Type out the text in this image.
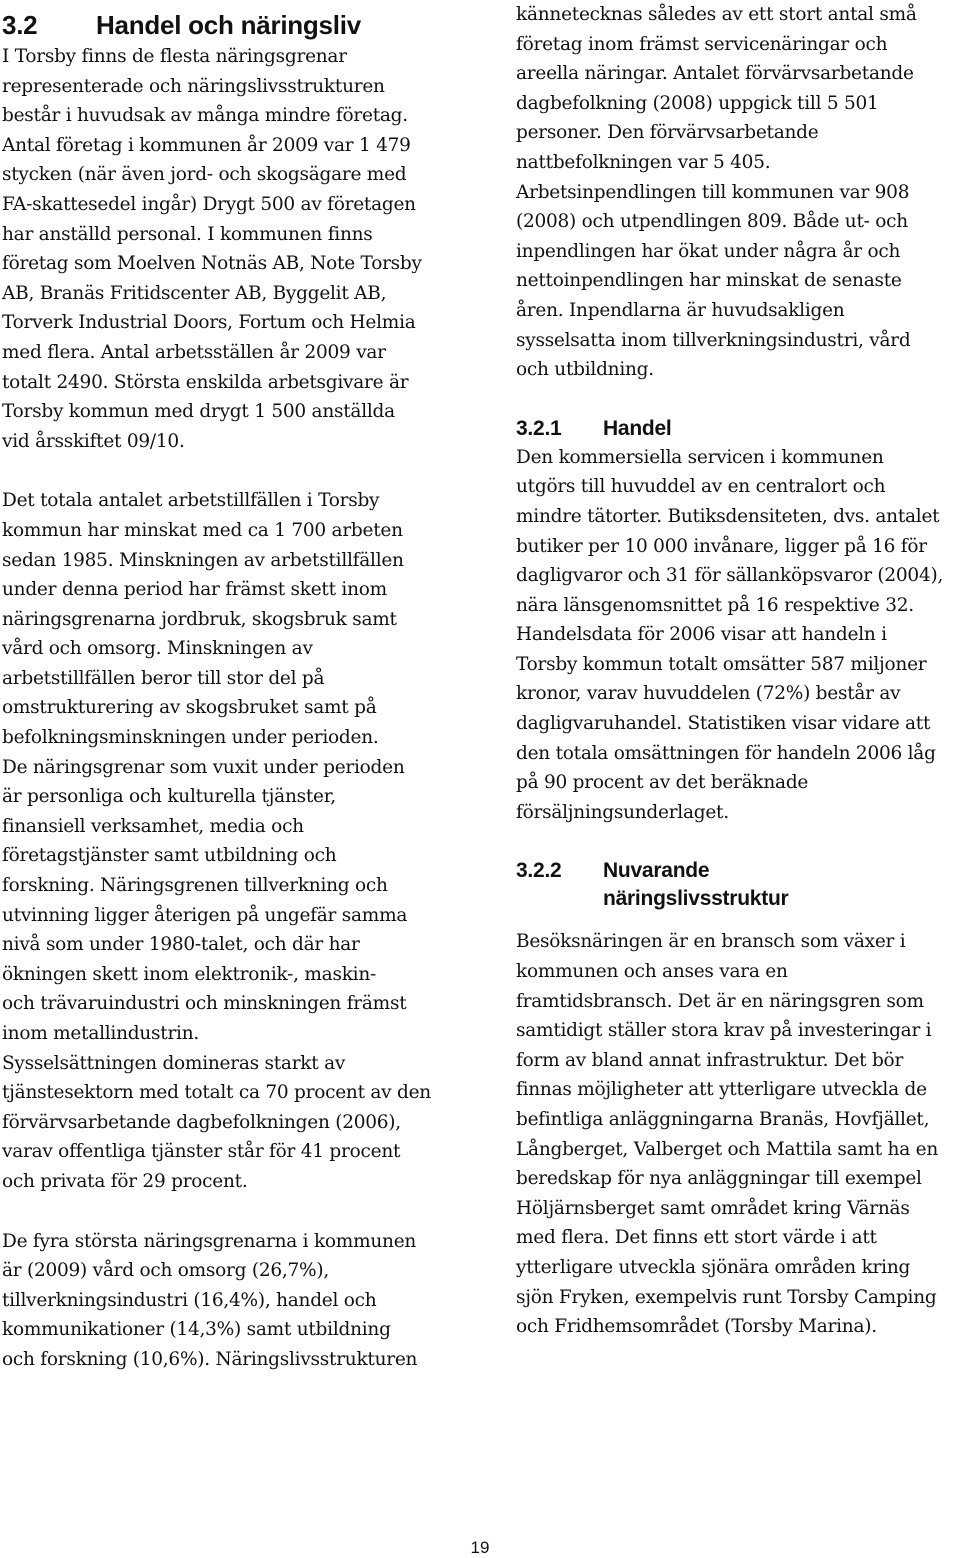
3.2	Handel och näringsliv

I Torsby finns de flesta näringsgrenar
representerade och näringslivsstrukturen
består i huvudsak av många mindre företag.
Antal företag i kommunen år 2009 var 1 479
stycken (när även jord- och skogsägare med
FA-skattesedel ingår) Drygt 500 av företagen
har anställd personal. I kommunen finns
företag som Moelven Notnäs AB, Note Torsby
AB, Branäs Fritidscenter AB, Byggelit AB,
Torverk Industrial Doors, Fortum och Helmia
med flera. Antal arbetsställen år 2009 var
totalt 2490. Största enskilda arbetsgivare är
Torsby kommun med drygt 1 500 anställda
vid årsskiftet 09/10.

Det totala antalet arbetstillfällen i Torsby
kommun har minskat med ca 1 700 arbeten
sedan 1985. Minskningen av arbetstillfällen
under denna period har främst skett inom
näringsgrenarna jordbruk, skogsbruk samt
vård och omsorg. Minskningen av
arbetstillfällen beror till stor del på
omstrukturering av skogsbruket samt på
befolkningsminskningen under perioden.
De näringsgrenar som vuxit under perioden
är personliga och kulturella tjänster,
finansiell verksamhet, media och
företagstjänster samt utbildning och
forskning. Näringsgrenen tillverkning och
utvinning ligger återigen på ungefär samma
nivå som under 1980-talet, och där har
ökningen skett inom elektronik-, maskin-
och trävaruindustri och minskningen främst
inom metallindustrin.
Sysselsättningen domineras starkt av
tjänstesektorn med totalt ca 70 procent av den
förvärvsarbetande dagbefolkningen (2006),
varav offentliga tjänster står för 41 procent
och privata för 29 procent.

De fyra största näringsgrenarna i kommunen
är (2009) vård och omsorg (26,7%),
tillverkningsindustri (16,4%), handel och
kommunikationer (14,3%) samt utbildning
och forskning (10,6%). Näringslivsstrukturen

kännetecknas således av ett stort antal små
företag inom främst servicenäringar och
areella näringar. Antalet förvärvsarbetande
dagbefolkning (2008) uppgick till 5 501
personer. Den förvärvsarbetande
nattbefolkningen var 5 405.
Arbetsinpendlingen till kommunen var 908
(2008) och utpendlingen 809. Både ut- och
inpendlingen har ökat under några år och
nettoinpendlingen har minskat de senaste
åren. Inpendlarna är huvudsakligen
sysselsatta inom tillverkningsindustri, vård
och utbildning.

3.2.1	Handel

Den kommersiella servicen i kommunen
utgörs till huvuddel av en centralort och
mindre tätorter. Butiksdensiteten, dvs. antalet
butiker per 10 000 invånare, ligger på 16 för
dagligvaror och 31 för sällanköpsvaror (2004),
nära länsgenomsnittet på 16 respektive 32.
Handelsdata för 2006 visar att handeln i
Torsby kommun totalt omsätter 587 miljoner
kronor, varav huvuddelen (72%) består av
dagligvaruhandel. Statistiken visar vidare att
den totala omsättningen för handeln 2006 låg
på 90 procent av det beräknade
försäljningsunderlaget.

3.2.2	Nuvarande
näringslivsstruktur

Besöksnäringen är en bransch som växer i
kommunen och anses vara en
framtidsbransch. Det är en näringsgren som
samtidigt ställer stora krav på investeringar i
form av bland annat infrastruktur. Det bör
finnas möjligheter att ytterligare utveckla de
befintliga anläggningarna Branäs, Hovfjället,
Långberget, Valberget och Mattila samt ha en
beredskap för nya anläggningar till exempel
Höljärnsberget samt området kring Värnäs
med flera. Det finns ett stort värde i att
ytterligare utveckla sjönära områden kring
sjön Fryken, exempelvis runt Torsby Camping
och Fridhemsområdet (Torsby Marina).

19
